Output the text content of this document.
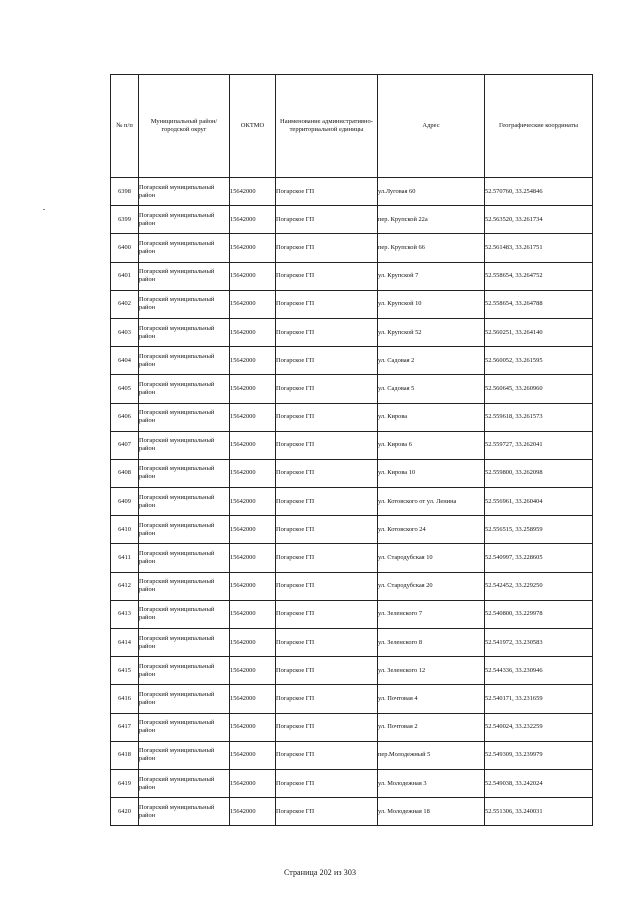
№ п/п	Муниципальный район/городской округ	ОКТМО	Наименование административно-территориальной единицы	Адрес	Географические координаты
6398	Погарский муниципальный район	15642000	Погарское ГП	ул.Луговая 60	52.570760, 33.254846
6399	Погарский муниципальный район	15642000	Погарское ГП	пер. Крупской 22а	52.563520, 33.261734
6400	Погарский муниципальный район	15642000	Погарское ГП	пер. Крупской 66	52.561483, 33.261751
6401	Погарский муниципальный район	15642000	Погарское ГП	ул. Крупской 7	52.558654, 33.264752
6402	Погарский муниципальный район	15642000	Погарское ГП	ул. Крупской 10	52.558654, 33.264788
6403	Погарский муниципальный район	15642000	Погарское ГП	ул. Крупской 52	52.560251, 33.264140
6404	Погарский муниципальный район	15642000	Погарское ГП	ул. Садовая 2	52.560052, 33.261595
6405	Погарский муниципальный район	15642000	Погарское ГП	ул. Садовая 5	52.560645, 33.260960
6406	Погарский муниципальный район	15642000	Погарское ГП	ул. Кирова	52.559618, 33.261573
6407	Погарский муниципальный район	15642000	Погарское ГП	ул. Кирова 6	52.559727, 33.262041
6408	Погарский муниципальный район	15642000	Погарское ГП	ул. Кирова 10	52.559800, 33.262098
6409	Погарский муниципальный район	15642000	Погарское ГП	ул. Котовского от ул. Ленина	52.556961, 33.260404
6410	Погарский муниципальный район	15642000	Погарское ГП	ул. Котовского 24	52.556515, 33.258959
6411	Погарский муниципальный район	15642000	Погарское ГП	ул. Стародубская 10	52.540997, 33.228605
6412	Погарский муниципальный район	15642000	Погарское ГП	ул. Стародубская 20	52.542452, 33.229250
6413	Погарский муниципальный район	15642000	Погарское ГП	ул. Зеленского 7	52.540800, 33.229978
6414	Погарский муниципальный район	15642000	Погарское ГП	ул. Зеленского 8	52.541972, 33.230583
6415	Погарский муниципальный район	15642000	Погарское ГП	ул. Зеленского 12	52.544336, 33.230946
6416	Погарский муниципальный район	15642000	Погарское ГП	ул. Почтовая 4	52.540171, 33.231659
6417	Погарский муниципальный район	15642000	Погарское ГП	ул. Почтовая 2	52.540024, 33.232259
6418	Погарский муниципальный район	15642000	Погарское ГП	пер.Молодежный 5	52.549309, 33.239979
6419	Погарский муниципальный район	15642000	Погарское ГП	ул. Молодежная 3	52.549038, 33.242024
6420	Погарский муниципальный район	15642000	Погарское ГП	ул. Молодежная 18	52.551306, 33.240031
Страница 202 из 303
